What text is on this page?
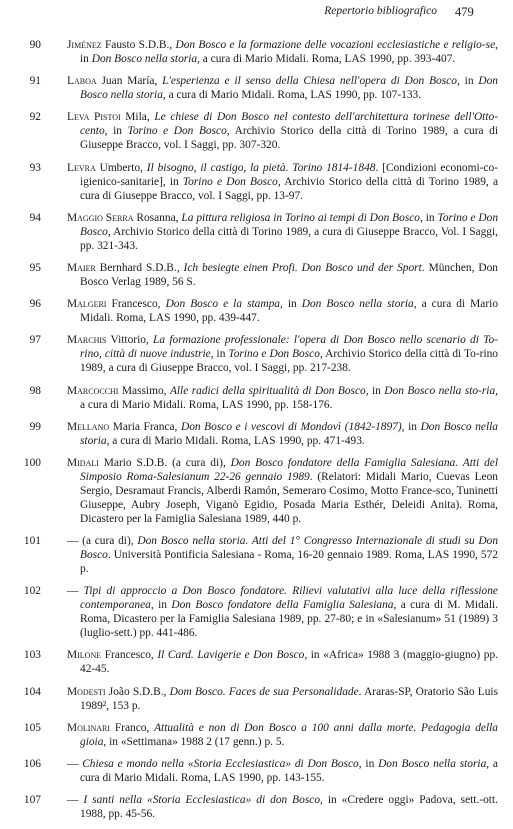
Repertorio bibliografico 479
90 Jiménez Fausto S.D.B., Don Bosco e la formazione delle vocazioni ecclesiastiche e religio-se, in Don Bosco nella storia, a cura di Mario Midali. Roma, LAS 1990, pp. 393-407.
91 Laboa Juan María, L'esperienza e il senso della Chiesa nell'opera di Don Bosco, in Don Bosco nella storia, a cura di Mario Midali. Roma, LAS 1990, pp. 107-133.
92 Leva Pistoi Mila, Le chiese di Don Bosco nel contesto dell'architettura torinese dell'Otto-cento, in Torino e Don Bosco, Archivio Storico della città di Torino 1989, a cura di Giuseppe Bracco, vol. I Saggi, pp. 307-320.
93 Levra Umberto, Il bisogno, il castigo, la pietà. Torino 1814-1848. [Condizioni economi-co-igienico-sanitarie], in Torino e Don Bosco, Archivio Storico della città di Torino 1989, a cura di Giuseppe Bracco, vol. I Saggi, pp. 13-97.
94 Maggio Serra Rosanna, La pittura religiosa in Torino ai tempi di Don Bosco, in Torino e Don Bosco, Archivio Storico della città di Torino 1989, a cura di Giuseppe Bracco, Vol. I Saggi, pp. 321-343.
95 Maier Bernhard S.D.B., Ich besiegte einen Profi. Don Bosco und der Sport. München, Don Bosco Verlag 1989, 56 S.
96 Malgeri Francesco, Don Bosco e la stampa, in Don Bosco nella storia, a cura di Mario Midali. Roma, LAS 1990, pp. 439-447.
97 Marchis Vittorio, La formazione professionale: l'opera di Don Bosco nello scenario di To-rino, città di nuove industrie, in Torino e Don Bosco, Archivio Storico della città di To-rino 1989, a cura di Giuseppe Bracco, vol. I Saggi, pp. 217-238.
98 Marcocchi Massimo, Alle radici della spiritualità di Don Bosco, in Don Bosco nella sto-ria, a cura di Mario Midali. Roma, LAS 1990, pp. 158-176.
99 Mellano Maria Franca, Don Bosco e i vescovi di Mondovì (1842-1897), in Don Bosco nella storia, a cura di Mario Midali. Roma, LAS 1990, pp. 471-493.
100 Midali Mario S.D.B. (a cura di), Don Bosco fondatore della Famiglia Salesiana. Atti del Simposio Roma-Salesianum 22-26 gennaio 1989. (Relatori: Midali Mario, Cuevas Leon Sergio, Desramaut Francis, Alberdi Ramón, Semeraro Cosimo, Motto France-sco, Tuninetti Giuseppe, Aubry Joseph, Viganò Egidio, Posada Maria Esthér, Deleidi Anita). Roma, Dicastero per la Famiglia Salesiana 1989, 440 p.
101 — (a cura di), Don Bosco nella storia. Atti del 1° Congresso Internazionale di studi su Don Bosco. Università Pontificia Salesiana - Roma, 16-20 gennaio 1989. Roma, LAS 1990, 572 p.
102 — Tipi di approccio a Don Bosco fondatore. Rilievi valutativi alla luce della riflessione contemporanea, in Don Bosco fondatore della Famiglia Salesiana, a cura di M. Midali. Roma, Dicastero per la Famiglia Salesiana 1989, pp. 27-80; e in «Salesianum» 51 (1989) 3 (luglio-sett.) pp. 441-486.
103 Milone Francesco, Il Card. Lavigerie e Don Bosco, in «Africa» 1988 3 (maggio-giugno) pp. 42-45.
104 Modesti João S.D.B., Dom Bosco. Faces de sua Personalidade. Araras-SP, Oratorio São Luis 1989², 153 p.
105 Molinari Franco, Attualità e non di Don Bosco a 100 anni dalla morte. Pedagogia della gioia, in «Settimana» 1988 2 (17 genn.) p. 5.
106 — Chiesa e mondo nella «Storia Ecclesiastica» di Don Bosco, in Don Bosco nella storia, a cura di Mario Midali. Roma, LAS 1990, pp. 143-155.
107 — I santi nella «Storia Ecclesiastica» di don Bosco, in «Credere oggi» Padova, sett.-ott. 1988, pp. 45-56.
